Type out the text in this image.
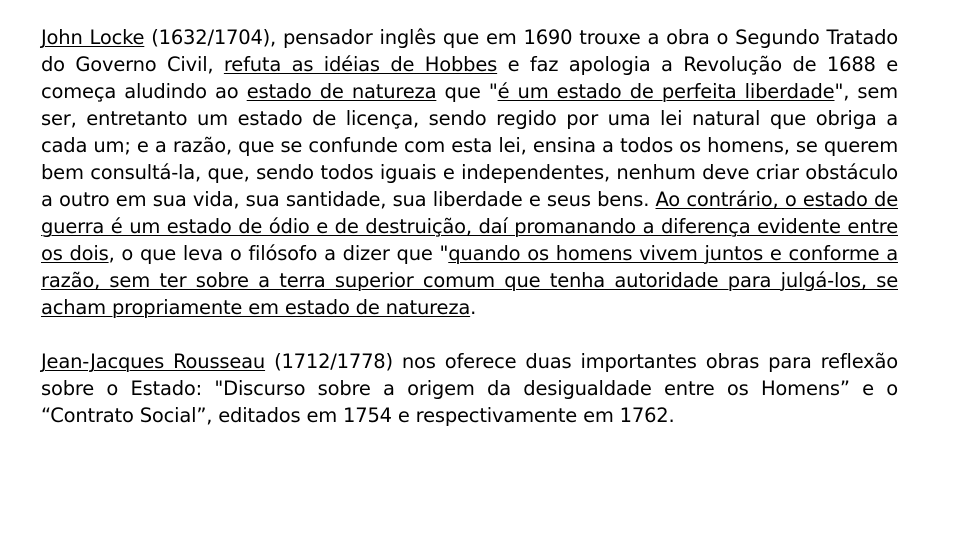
John Locke (1632/1704), pensador inglês que em 1690 trouxe a obra o Segundo Tratado do Governo Civil, refuta as idéias de Hobbes e faz apologia a Revolução de 1688 e começa aludindo ao estado de natureza que "é um estado de perfeita liberdade", sem ser, entretanto um estado de licença, sendo regido por uma lei natural que obriga a cada um; e a razão, que se confunde com esta lei, ensina a todos os homens, se querem bem consultá-la, que, sendo todos iguais e independentes, nenhum deve criar obstáculo a outro em sua vida, sua santidade, sua liberdade e seus bens. Ao contrário, o estado de guerra é um estado de ódio e de destruição, daí promanando a diferença evidente entre os dois, o que leva o filósofo a dizer que "quando os homens vivem juntos e conforme a razão, sem ter sobre a terra superior comum que tenha autoridade para julgá-los, se acham propriamente em estado de natureza.

Jean-Jacques Rousseau (1712/1778) nos oferece duas importantes obras para reflexão sobre o Estado: "Discurso sobre a origem da desigualdade entre os Homens” e o “Contrato Social”, editados em 1754 e respectivamente em 1762.
